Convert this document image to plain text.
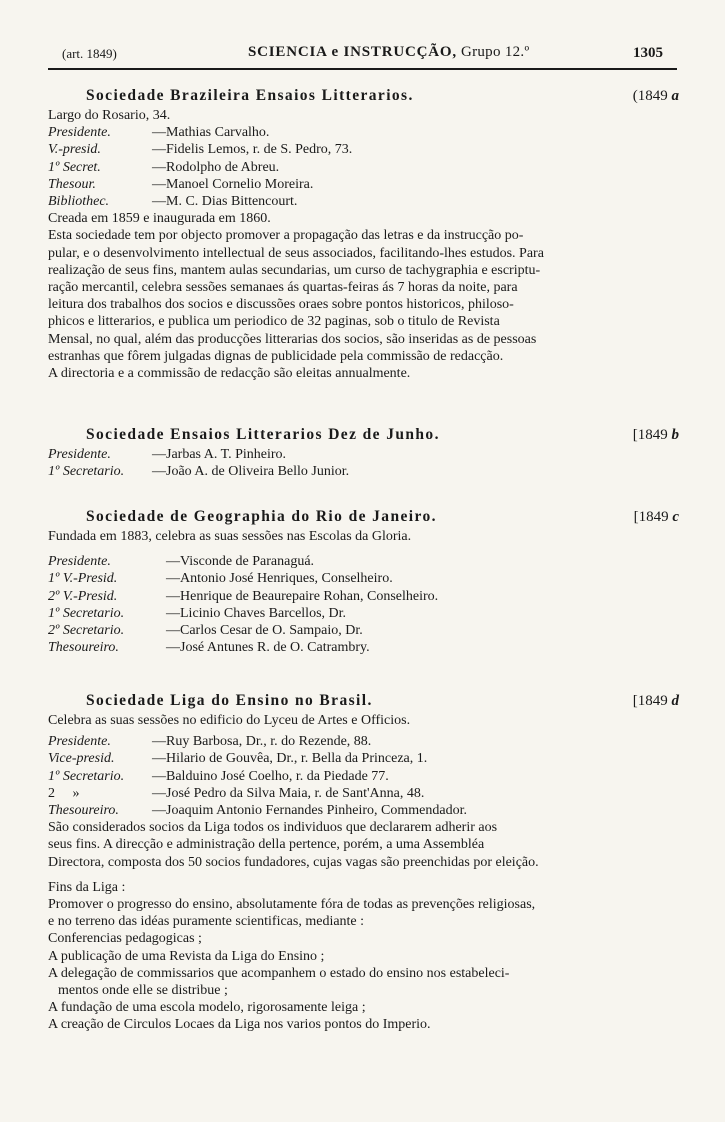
(art. 1849)	SCIENCIA e INSTRUCÇÃO, Grupo 12.º	1305
Sociedade Brazileira Ensaios Litterarios.	(1849 a
Largo do Rosario, 34.
Presidente.	—Mathias Carvalho.
V.-presid.	—Fidelis Lemos, r. de S. Pedro, 73.
1º Secret.	—Rodolpho de Abreu.
Thesour.	—Manoel Cornelio Moreira.
Bibliothec.	—M. C. Dias Bittencourt.
Creada em 1859 e inaugurada em 1860.
Esta sociedade tem por objecto promover a propagação das letras e da instrucção po-
pular, e o desenvolvimento intellectual de seus associados, facilitando-lhes estudos. Para
realização de seus fins, mantem aulas secundarias, um curso de tachygraphia e escriptu-
ração mercantil, celebra sessões semanaes ás quartas-feiras ás 7 horas da noite, para
leitura dos trabalhos dos socios e discussões oraes sobre pontos historicos, philoso-
phicos e litterarios, e publica um periodico de 32 paginas, sob o titulo de Revista
Mensal, no qual, além das producções litterarias dos socios, são inseridas as de pessoas
estranhas que fôrem julgadas dignas de publicidade pela commissão de redacção.
A directoria e a commissão de redacção são eleitas annualmente.
Sociedade Ensaios Litterarios Dez de Junho.	[1849 b
Presidente.	—Jarbas A. T. Pinheiro.
1º Secretario. —João A. de Oliveira Bello Junior.
Sociedade de Geographia do Rio de Janeiro.	[1849 c
Fundada em 1883, celebra as suas sessões nas Escolas da Gloria.
Presidente.	—Visconde de Paranaguá.
1º V.-Presid.	—Antonio José Henriques, Conselheiro.
2º V.-Presid.	—Henrique de Beaurepaire Rohan, Conselheiro.
1º Secretario.	—Licinio Chaves Barcellos, Dr.
2º Secretario.	—Carlos Cesar de O. Sampaio, Dr.
Thesoureiro.	—José Antunes R. de O. Catrambry.
Sociedade Liga do Ensino no Brasil.	[1849 d
Celebra as suas sessões no edificio do Lyceu de Artes e Officios.
Presidente.	—Ruy Barbosa, Dr., r. do Rezende, 88.
Vice-presid.	—Hilario de Gouvêa, Dr., r. Bella da Princeza, 1.
1º Secretario. —Balduino José Coelho, r. da Piedade 77.
2     »	—José Pedro da Silva Maia, r. de Sant'Anna, 48.
Thesoureiro. —Joaquim Antonio Fernandes Pinheiro, Commendador.
São considerados socios da Liga todos os individuos que declararem adherir aos
seus fins. A direcção e administração della pertence, porém, a uma Assembléa
Directora, composta dos 50 socios fundadores, cujas vagas são preenchidas por eleição.
Fins da Liga :
Promover o progresso do ensino, absolutamente fóra de todas as prevenções religiosas,
e no terreno das idéas puramente scientificas, mediante :
Conferencias pedagogicas ;
A publicação de uma Revista da Liga do Ensino ;
A delegação de commissarios que acompanhem o estado do ensino nos estabeleci-
mentos onde elle se distribue ;
A fundação de uma escola modelo, rigorosamente leiga ;
A creação de Circulos Locaes da Liga nos varios pontos do Imperio.
